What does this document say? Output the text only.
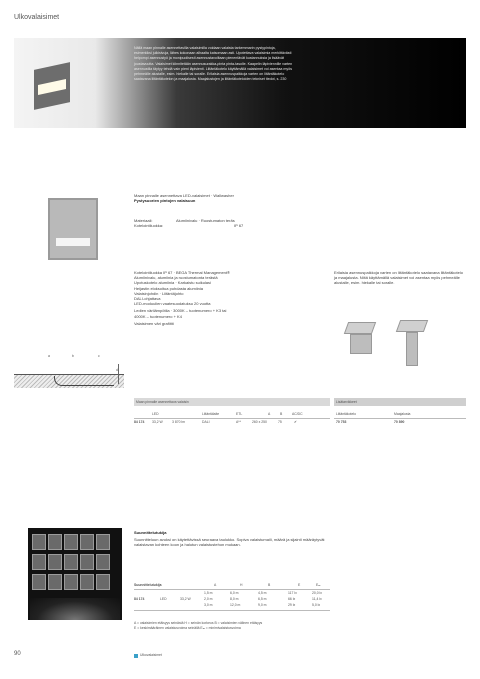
Ulkovalaisimet
Nällä maan pinnalle asennettavilla valaisimilla voidaan valaista tarkemmarin pystypintoja, esimerkiksi julkisivuja, lähes kokonaan alhaalta katsomaan asti. Upotettava valaisimia merkittävästi helpompi asennustyö ja monipuolisesti asennustavoiltaan pienentävät kustannuksia ja lisäävät joustavuutta. Valaisimet kiinnitetään asennusurakka-pinta pinta-tasolle. Kaapelin läpiviennille varten asennustila täytyy tehdä vain pieni läpivienti. Liitäntäkotelo käyttämällä valaisimet voi asentaa myös pehmeälle alustalle, esim. hiekalle tai soralle. Erilaisia asennuspaikkoja varten on liitäntäkotelo saatavana liitäntäkotelon ja maajalusta. Maajalustojen ja liitäntäkoteloiden tekniset tiedot, s. 230
Maan pinnalle asennettava LED-valaisimet · Wallwasher
Pystysuorien pintojen valaisuun
Materiaali:	Alumiinivalu · Ruostumaton teräs
Kotelointiluokka:	IP 67
Kotelointiluokka IP 67 · BEGA Thermal Management®
Alumiinivalu, alumiinia ja ruostumatonta terästä
Upotuskotelo alumiinia · Karkaistu suikulasi
Heijastin eloksoitua puhdasta alumiinia
Valaisinjohdin · Liitäntäjohto
DALI-ohjattava
LED-moduulien vaatesuodatuksu 20 vuotta
Ledien värilämpötila · 3000K – tuotenumero + K3 tai
4000K – tuotenumero + K4
Valaisimen väri grafiitti
Erilaisia asennuspaikkoja varten on liitäntäkotelo saatavana liitäntäkotelo ja maajalusta. Niitä käyttämällä valaisimet voi asentaa myös pehmeälle alustalle, esim. hiekalle tai soralle.
a	b	c
d
Maan pinnalle asennettava valaisin	Lisätarvikkeet
LED	Liitäntälaite	ETL	A	B	AC/DC	Liitäntäkotelo	Maajalusta
84 174 33,2 W	3 870 lm	DALI	A**	260 x 250	75	✔	70 753	70 890
Suunnittelutukija
Suunnitteluun avuksi on käytettävissä seuraava taulukko. Sopiva valaistumaili, määrä ja sijainti määräytyvät valaistavan kohteen koon ja halutun valaistustehon mukaan.
Suunnittelutukija	A	H	B	E	Eₘ
84 174	LED	33,2 W
1,5 m	6,0 m	4,5 m	117 lx	20,0 lx
2,0 m	8,0 m	6,5 m	66 lx	11,4 lx
3,0 m	12,0 m	9,0 m	29 lx	5,0 lx
A = valaisimien etäisyys seinästä H = seinän korkeus B = valaisimien välinen etäisyys
E = keskimääräinen valaistusvoima seinällä Eₘ = minimivalaistusvoima
90	Ulkovalaisimet
